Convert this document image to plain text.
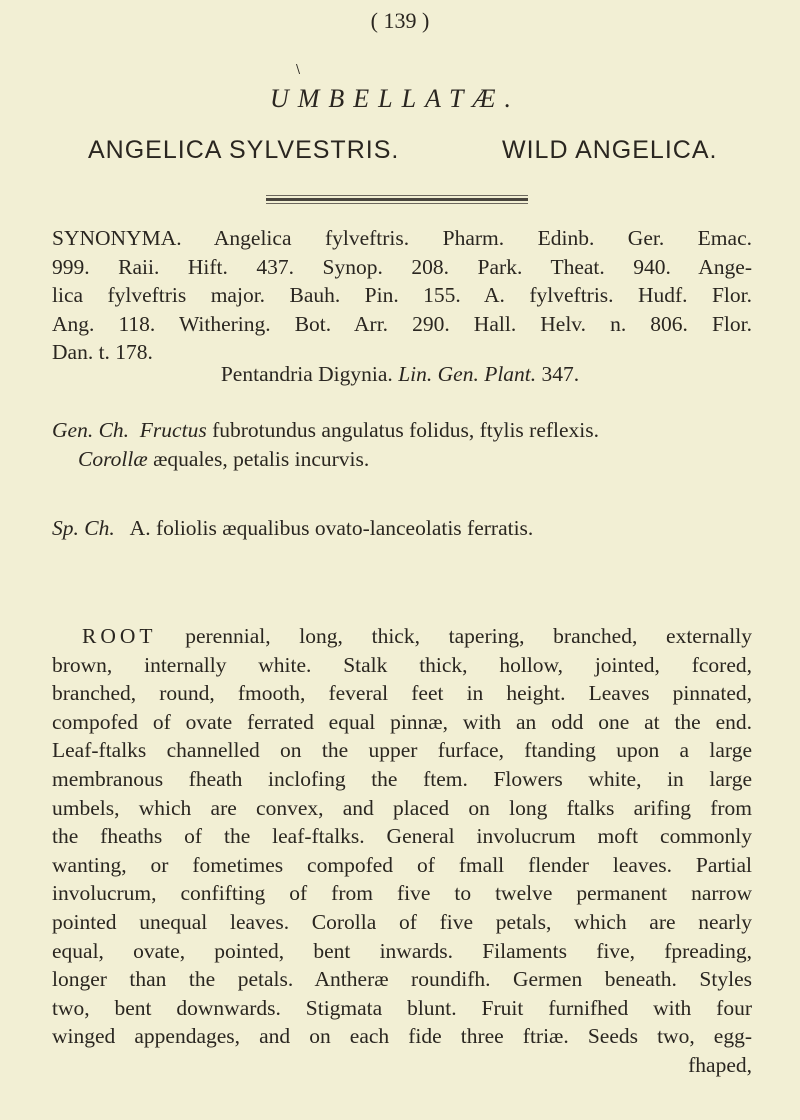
( 139 )
\
UMBELLATÆ.
ANGELICA SYLVESTRIS.	WILD ANGELICA.
SYNONYMA. Angelica fylveftris. Pharm. Edinb. Ger. Emac.
999. Raii. Hift. 437. Synop. 208. Park. Theat. 940. Ange-
lica fylveftris major. Bauh. Pin. 155. A. fylveftris. Hudf. Flor.
Ang. 118. Withering. Bot. Arr. 290. Hall. Helv. n. 806. Flor.
Dan. t. 178.
Pentandria Digynia. Lin. Gen. Plant. 347.
Gen. Ch. Fructus fubrotundus angulatus folidus, ftylis reflexis.
Corollæ æquales, petalis incurvis.
Sp. Ch. A. foliolis æqualibus ovato-lanceolatis ferratis.
ROOT perennial, long, thick, tapering, branched, externally
brown, internally white. Stalk thick, hollow, jointed, fcored,
branched, round, fmooth, feveral feet in height. Leaves pinnated,
compofed of ovate ferrated equal pinnæ, with an odd one at the end.
Leaf-ftalks channelled on the upper furface, ftanding upon a large
membranous fheath inclofing the ftem. Flowers white, in large
umbels, which are convex, and placed on long ftalks arifing from
the fheaths of the leaf-ftalks. General involucrum moft commonly
wanting, or fometimes compofed of fmall flender leaves. Partial
involucrum, confifting of from five to twelve permanent narrow
pointed unequal leaves. Corolla of five petals, which are nearly
equal, ovate, pointed, bent inwards. Filaments five, fpreading,
longer than the petals. Antheræ roundifh. Germen beneath. Styles
two, bent downwards. Stigmata blunt. Fruit furnifhed with four
winged appendages, and on each fide three ftriæ. Seeds two, egg-
fhaped,
